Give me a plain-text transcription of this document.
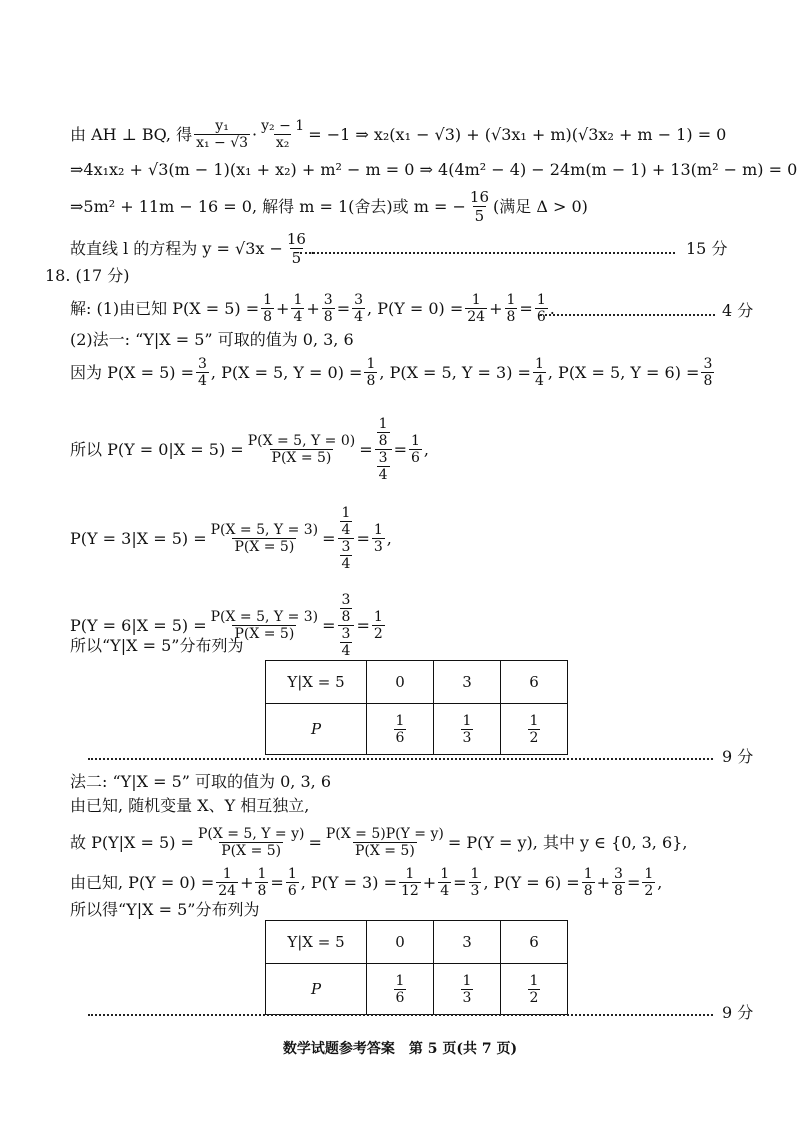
由 AH ⊥ BQ, 得 y₁
$x_1 - √3 \cdot \frac{\text{y₂ − 1}}{\text{x₂}} = -1$ ⇒ x₂(x₁ − √3) + (√3x₁ + m)(√3x₂ + m − 1) = 0
⇒4x₁x₂ + √3(m − 1)(x₁ + x₂) + m² − m = 0 ⇒ 4(4m² − 4) − 24m(m − 1) + 13(m² − m) = 0
⇒5m² + 11m − 16 = 0, 解得 m = 1(舍去)或 m = − $\frac{16}{5}$ (满足 Δ > 0)
故直线 l 的方程为 $y = √3x - \frac{16}{5}$ .	15 分
18. (17 分)
解: (1)由已知 $P(X = 5) = \frac{1}{8} + 1$
4 + 3
8 = 3
4 , $P(Y = 0) = \frac{1}{24} + 1$
8 = 1
6 .	4 分
(2)法一: “Y|X = 5” 可取的值为 0, 3, 6
因为 $P(X = 5) = \frac{3}{4}$ , P(X = 5, $Y = 0) = \frac{1}{8}$ , P(X = 5, $Y = 3) = \frac{1}{4}$ , P(X = 5, $Y = 6) = \frac{3}{8}$
所以 $P(Y = 0|X = 5) = \frac{P(X = 5, Y = 0)}{P(X = 5)}$ =
1
8
3
4
= 1
6 ,
$P(Y = 3|X = 5) = \frac{P(X = 5, Y = 3)}{P(X = 5)}$ =
1
4
3
4
= 1
3 ,
$P(Y = 6|X = 5) = \frac{P(X = 5, Y = 3)}{P(X = 5)}$ =
3
8
3
4
= 1
2
所以“Y|X = 5”分布列为
Y|X = 5	0	3	6
P	$\frac{1}{6}$	$\frac{1}{3}$	$\frac{1}{2}$
9 分
法二: “Y|X = 5” 可取的值为 0, 3, 6
由已知, 随机变量 X、Y 相互独立,
故 $P(Y|X = 5) = \frac{P(X = 5, Y = y)}{P(X = 5)} = \frac{P(X = 5)P(Y = y)}{P(X = 5)} = P(Y = y)$, 其中 y ∈ {0, 3, 6},
由已知, $P(Y = 0) = \frac{1}{24} + 1$
8 = 1
6 , $P(Y = 3) = \frac{1}{12} + 1$
4 = 1
3 , $P(Y = 6) = \frac{1}{8} + 3$
8 = 1
2 ,
所以得“Y|X = 5”分布列为
Y|X = 5	0	3	6
P	$\frac{1}{6}$	$\frac{1}{3}$	$\frac{1}{2}$
9 分
数学试题参考答案　第 5 页(共 7 页)
